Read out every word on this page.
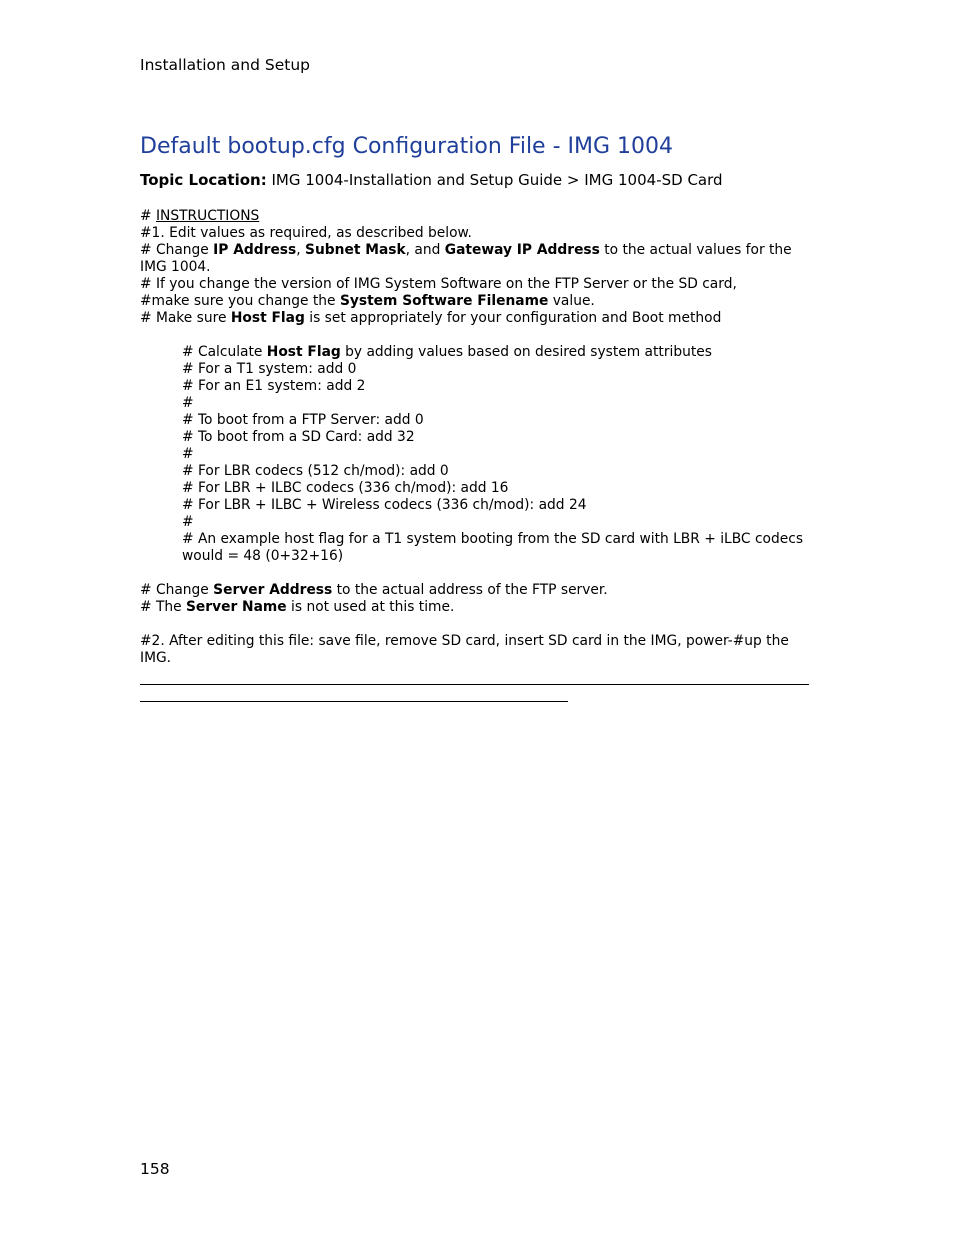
Installation and Setup
Default bootup.cfg Configuration File - IMG 1004
Topic Location: IMG 1004-Installation and Setup Guide > IMG 1004-SD Card

# INSTRUCTIONS

#1. Edit values as required, as described below.

# Change IP Address, Subnet Mask, and Gateway IP Address to the actual values for the IMG 1004.

# If you change the version of IMG System Software on the FTP Server or the SD card,

#make sure you change the System Software Filename value.

# Make sure Host Flag is set appropriately for your configuration and Boot method

# Calculate Host Flag by adding values based on desired system attributes

# For a T1 system: add 0

# For an E1 system: add 2

#

# To boot from a FTP Server: add 0

# To boot from a SD Card: add 32

#

# For LBR codecs (512 ch/mod): add 0

# For LBR + ILBC codecs (336 ch/mod): add 16

# For LBR + ILBC + Wireless codecs (336 ch/mod): add 24

#

# An example host flag for a T1 system booting from the SD card with LBR + iLBC codecs would = 48 (0+32+16)

# Change Server Address to the actual address of the FTP server.

# The Server Name is not used at this time.

#2. After editing this file: save file, remove SD card, insert SD card in the IMG, power-#up the IMG.

158
